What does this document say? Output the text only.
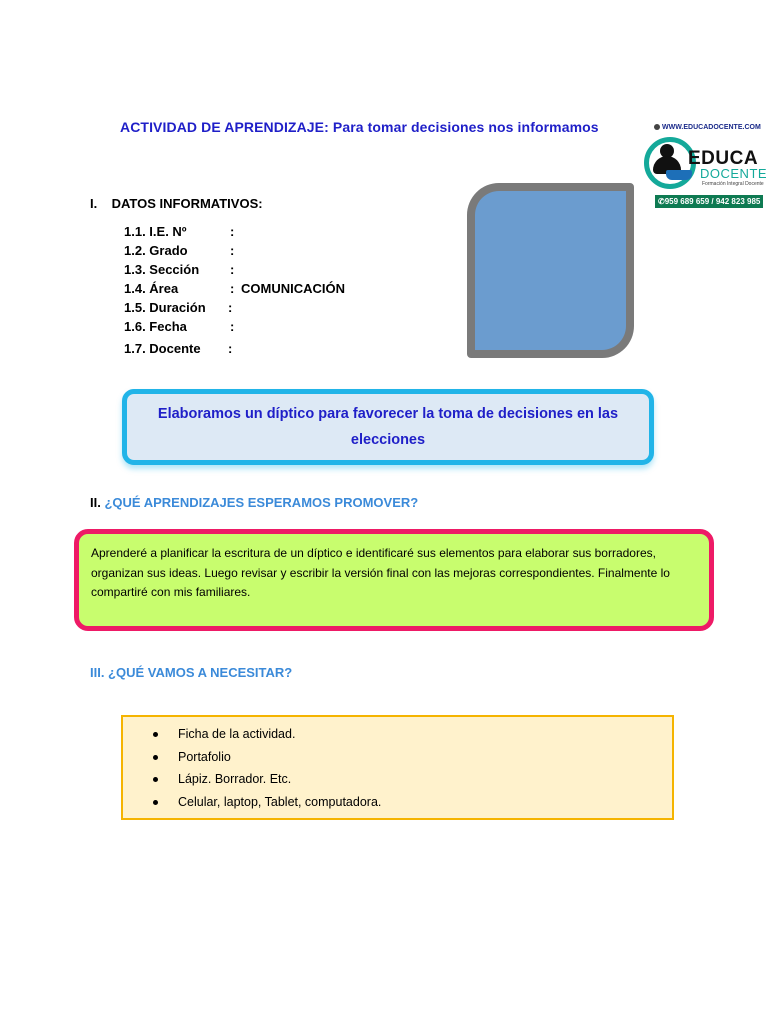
ACTIVIDAD DE APRENDIZAJE: Para tomar decisiones nos informamos	WWW.EDUCADOCENTE.COM
EDUCA
DOCENTE
Formación Integral Docente
✆959 689 659 / 942 823 985
I. DATOS INFORMATIVOS:
1.1. I.E. Nº	:
1.2. Grado	:
1.3. Sección :
1.4. Área	: COMUNICACIÓN
1.5. Duración :
1.6. Fecha	:
1.7. Docente :
Elaboramos un díptico para favorecer la toma de decisiones en las elecciones
II. ¿QUÉ APRENDIZAJES ESPERAMOS PROMOVER?

Aprenderé a planificar la escritura de un díptico e identificaré sus elementos para elaborar sus borradores, organizan sus ideas. Luego revisar y escribir la versión final con las mejoras correspondientes. Finalmente lo compartiré con mis familiares.

III. ¿QUÉ VAMOS A NECESITAR?
Ficha de la actividad.
Portafolio
Lápiz. Borrador. Etc.
Celular, laptop, Tablet, computadora.
